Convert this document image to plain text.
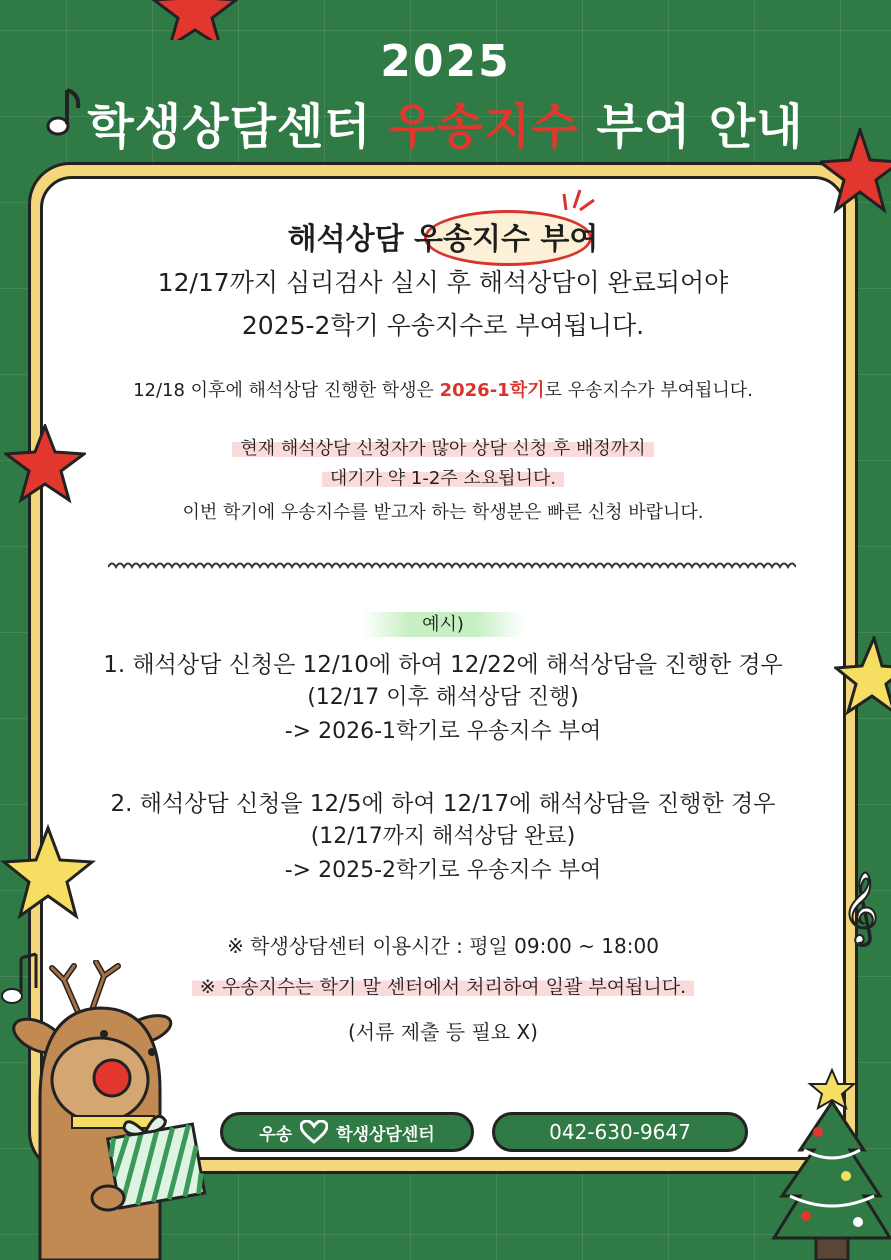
2025
학생상담센터 우송지수 부여 안내
해석상담 우송지수 부여
12/17까지 심리검사 실시 후 해석상담이 완료되어야
2025-2학기 우송지수로 부여됩니다.
12/18 이후에 해석상담 진행한 학생은 2026-1학기로 우송지수가 부여됩니다.
현재 해석상담 신청자가 많아 상담 신청 후 배정까지
대기가 약 1-2주 소요됩니다.
이번 학기에 우송지수를 받고자 하는 학생분은 빠른 신청 바랍니다.
예시)
1. 해석상담 신청은 12/10에 하여 12/22에 해석상담을 진행한 경우
(12/17 이후 해석상담 진행)
-> 2026-1학기로 우송지수 부여
2. 해석상담 신청을 12/5에 하여 12/17에 해석상담을 진행한 경우
(12/17까지 해석상담 완료)
-> 2025-2학기로 우송지수 부여	𝄞
※ 학생상담센터 이용시간 : 평일 09:00 ~ 18:00
※ 우송지수는 학기 말 센터에서 처리하여 일괄 부여됩니다.
(서류 제출 등 필요 X)
우송	학생상담센터	042-630-9647
